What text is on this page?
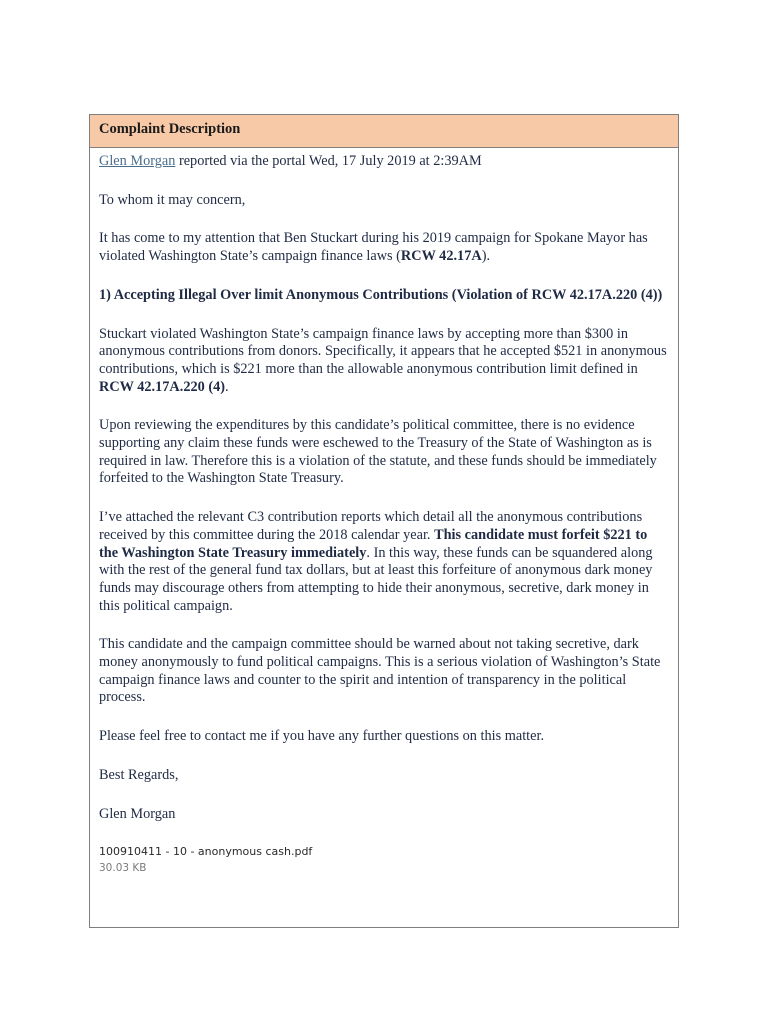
Complaint Description

Glen Morgan reported via the portal Wed, 17 July 2019 at 2:39AM

To whom it may concern,

It has come to my attention that Ben Stuckart during his 2019 campaign for Spokane Mayor has violated Washington State’s campaign finance laws (RCW 42.17A).

1) Accepting Illegal Over limit Anonymous Contributions (Violation of RCW 42.17A.220 (4))

Stuckart violated Washington State’s campaign finance laws by accepting more than $300 in anonymous contributions from donors. Specifically, it appears that he accepted $521 in anonymous contributions, which is $221 more than the allowable anonymous contribution limit defined in RCW 42.17A.220 (4).

Upon reviewing the expenditures by this candidate’s political committee, there is no evidence supporting any claim these funds were eschewed to the Treasury of the State of Washington as is required in law. Therefore this is a violation of the statute, and these funds should be immediately forfeited to the Washington State Treasury.

I’ve attached the relevant C3 contribution reports which detail all the anonymous contributions received by this committee during the 2018 calendar year. This candidate must forfeit $221 to the Washington State Treasury immediately. In this way, these funds can be squandered along with the rest of the general fund tax dollars, but at least this forfeiture of anonymous dark money funds may discourage others from attempting to hide their anonymous, secretive, dark money in this political campaign.

This candidate and the campaign committee should be warned about not taking secretive, dark money anonymously to fund political campaigns. This is a serious violation of Washington’s State campaign finance laws and counter to the spirit and intention of transparency in the political process.

Please feel free to contact me if you have any further questions on this matter.

Best Regards,

Glen Morgan

100910411 - 10 - anonymous cash.pdf
30.03 KB
